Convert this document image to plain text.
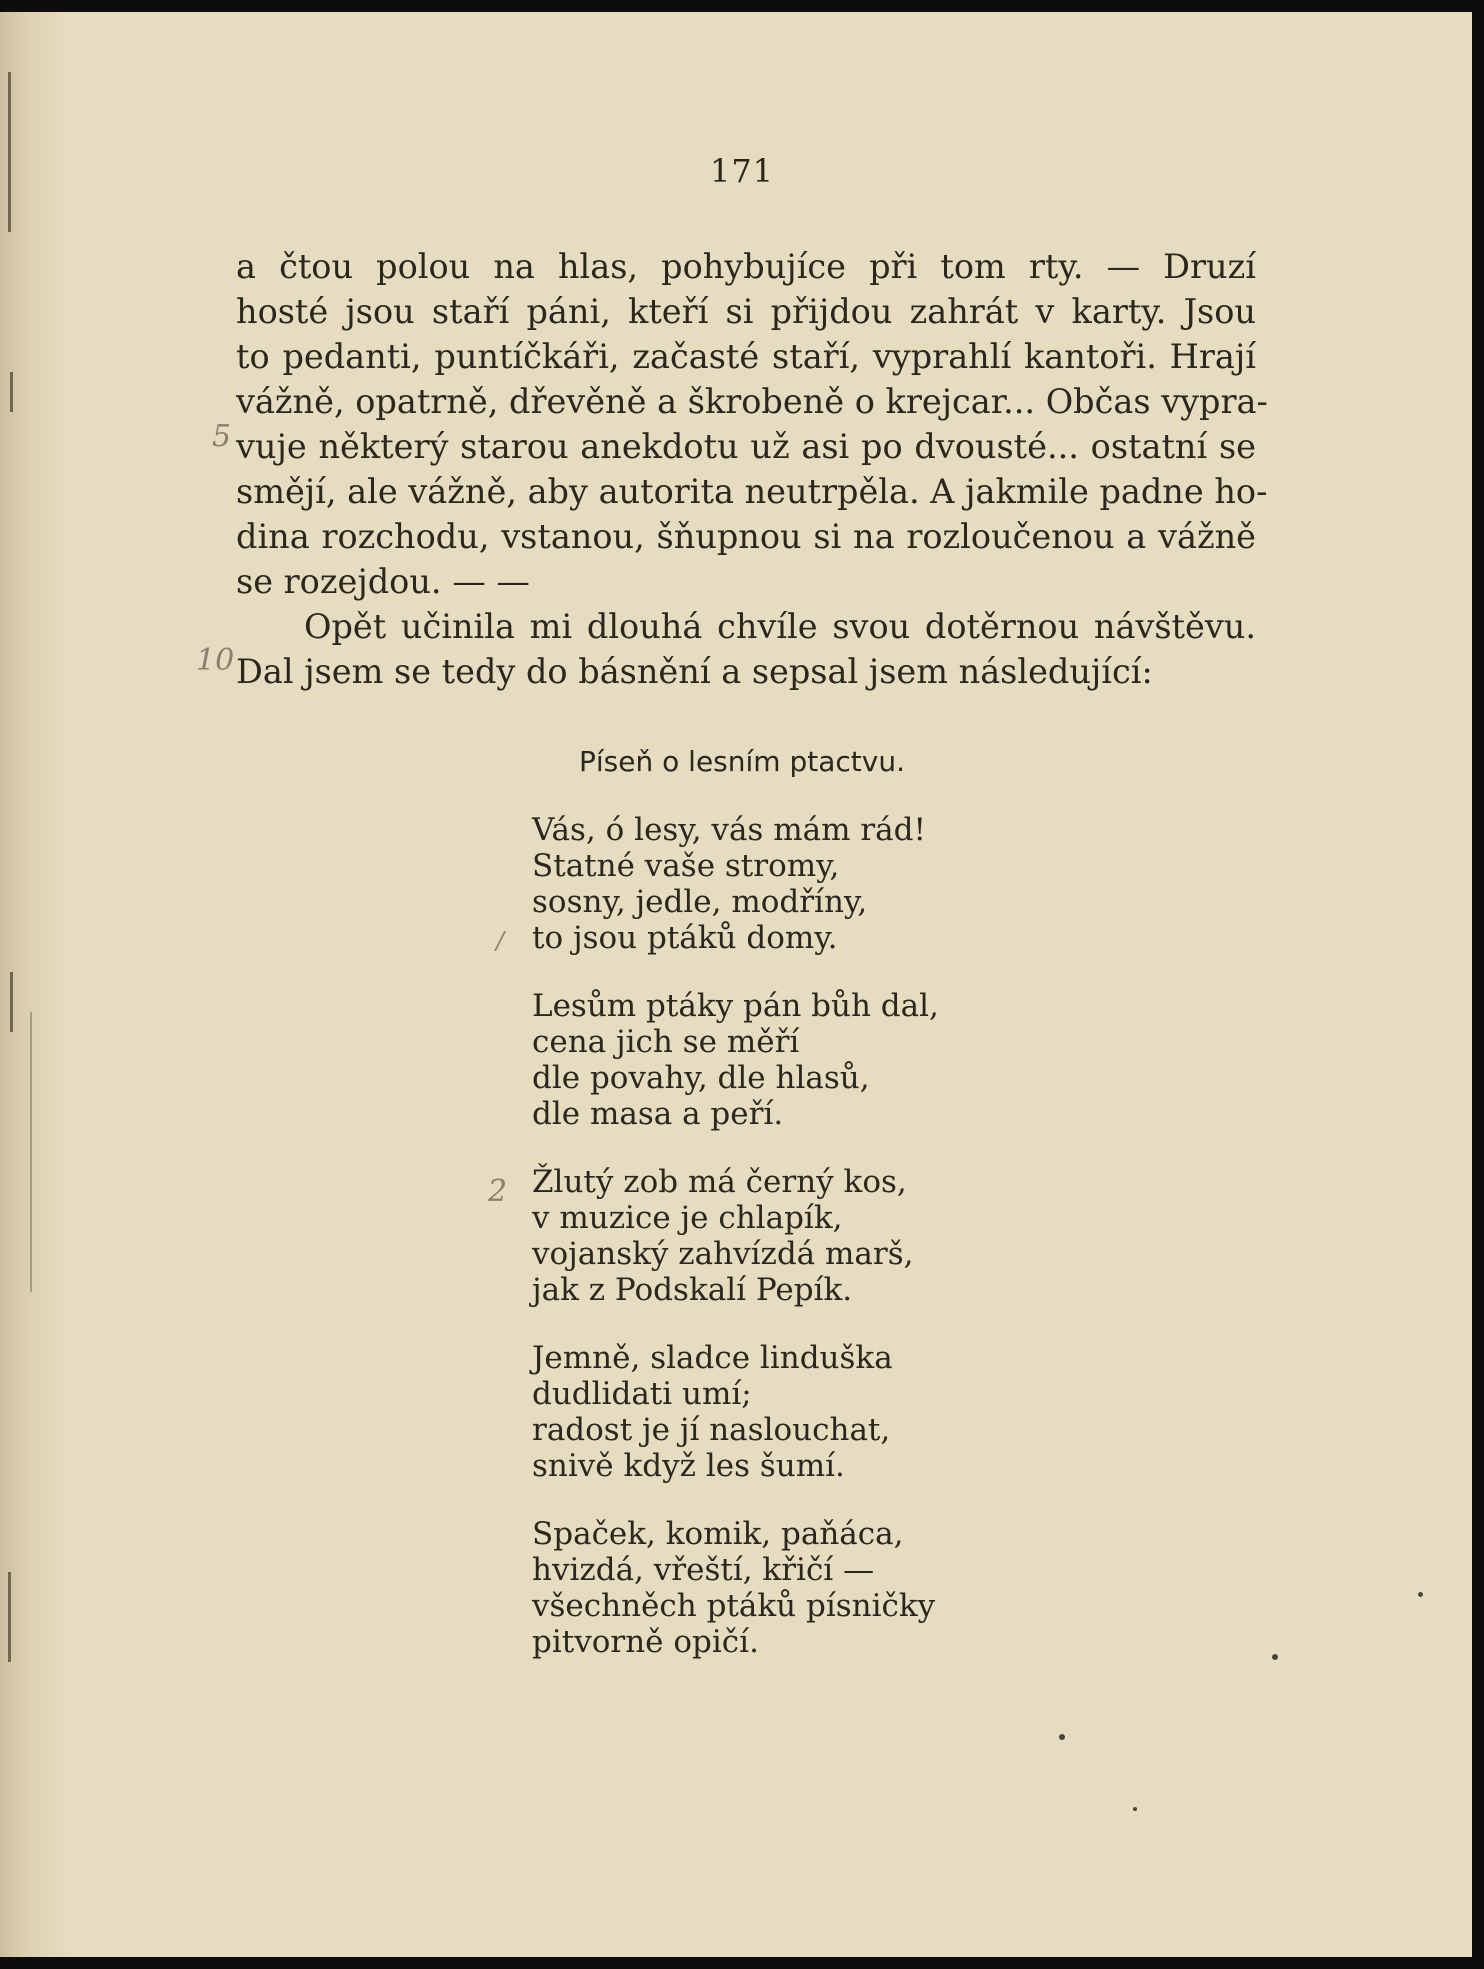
171
a čtou polou na hlas, pohybujíce při tom rty. — Druzí
hosté jsou staří páni, kteří si přijdou zahrát v karty. Jsou
to pedanti, puntíčkáři, začasté staří, vyprahlí kantoři. Hrají
vážně, opatrně, dřevěně a škrobeně o krejcar... Občas vypra-
vuje některý starou anekdotu už asi po dvousté... ostatní se
smějí, ale vážně, aby autorita neutrpěla. A jakmile padne ho-
dina rozchodu, vstanou, šňupnou si na rozloučenou a vážně
se rozejdou. — —
Opět učinila mi dlouhá chvíle svou dotěrnou návštěvu.
Dal jsem se tedy do básnění a sepsal jsem následující:
5
10
/
2
Píseň o lesním ptactvu.
Vás, ó lesy, vás mám rád!
Statné vaše stromy,
sosny, jedle, modříny,
to jsou ptáků domy.
Lesům ptáky pán bůh dal,
cena jich se měří
dle povahy, dle hlasů,
dle masa a peří.
Žlutý zob má černý kos,
v muzice je chlapík,
vojanský zahvízdá marš,
jak z Podskalí Pepík.
Jemně, sladce linduška
dudlidati umí;
radost je jí naslouchat,
snivě když les šumí.
Spaček, komik, paňáca,
hvizdá, vřeští, křičí —
všechněch ptáků písničky
pitvorně opičí.
